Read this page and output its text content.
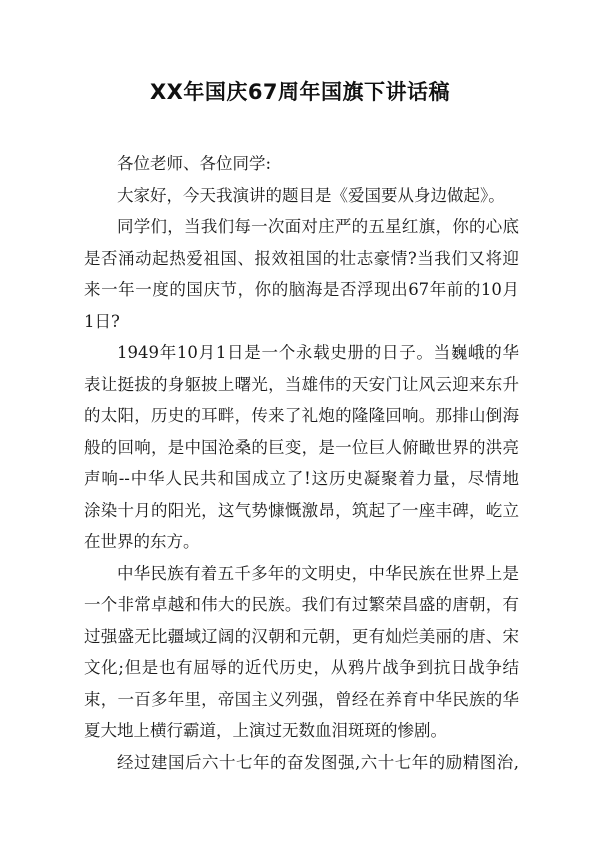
XX年国庆67周年国旗下讲话稿
各位老师、各位同学:
大家好，今天我演讲的题目是《爱国要从身边做起》。
同学们，当我们每一次面对庄严的五星红旗，你的心底
是否涌动起热爱祖国、报效祖国的壮志豪情?当我们又将迎
来一年一度的国庆节，你的脑海是否浮现出67年前的10月
1日?
1949年10月1日是一个永载史册的日子。当巍峨的华
表让挺拔的身躯披上曙光，当雄伟的天安门让风云迎来东升
的太阳，历史的耳畔，传来了礼炮的隆隆回响。那排山倒海
般的回响，是中国沧桑的巨变，是一位巨人俯瞰世界的洪亮
声响--中华人民共和国成立了!这历史凝聚着力量，尽情地
涂染十月的阳光，这气势慷慨激昂，筑起了一座丰碑，屹立
在世界的东方。
中华民族有着五千多年的文明史，中华民族在世界上是
一个非常卓越和伟大的民族。我们有过繁荣昌盛的唐朝，有
过强盛无比疆域辽阔的汉朝和元朝，更有灿烂美丽的唐、宋
文化;但是也有屈辱的近代历史，从鸦片战争到抗日战争结
束，一百多年里，帝国主义列强，曾经在养育中华民族的华
夏大地上横行霸道，上演过无数血泪斑斑的惨剧。
经过建国后六十七年的奋发图强,六十七年的励精图治,
